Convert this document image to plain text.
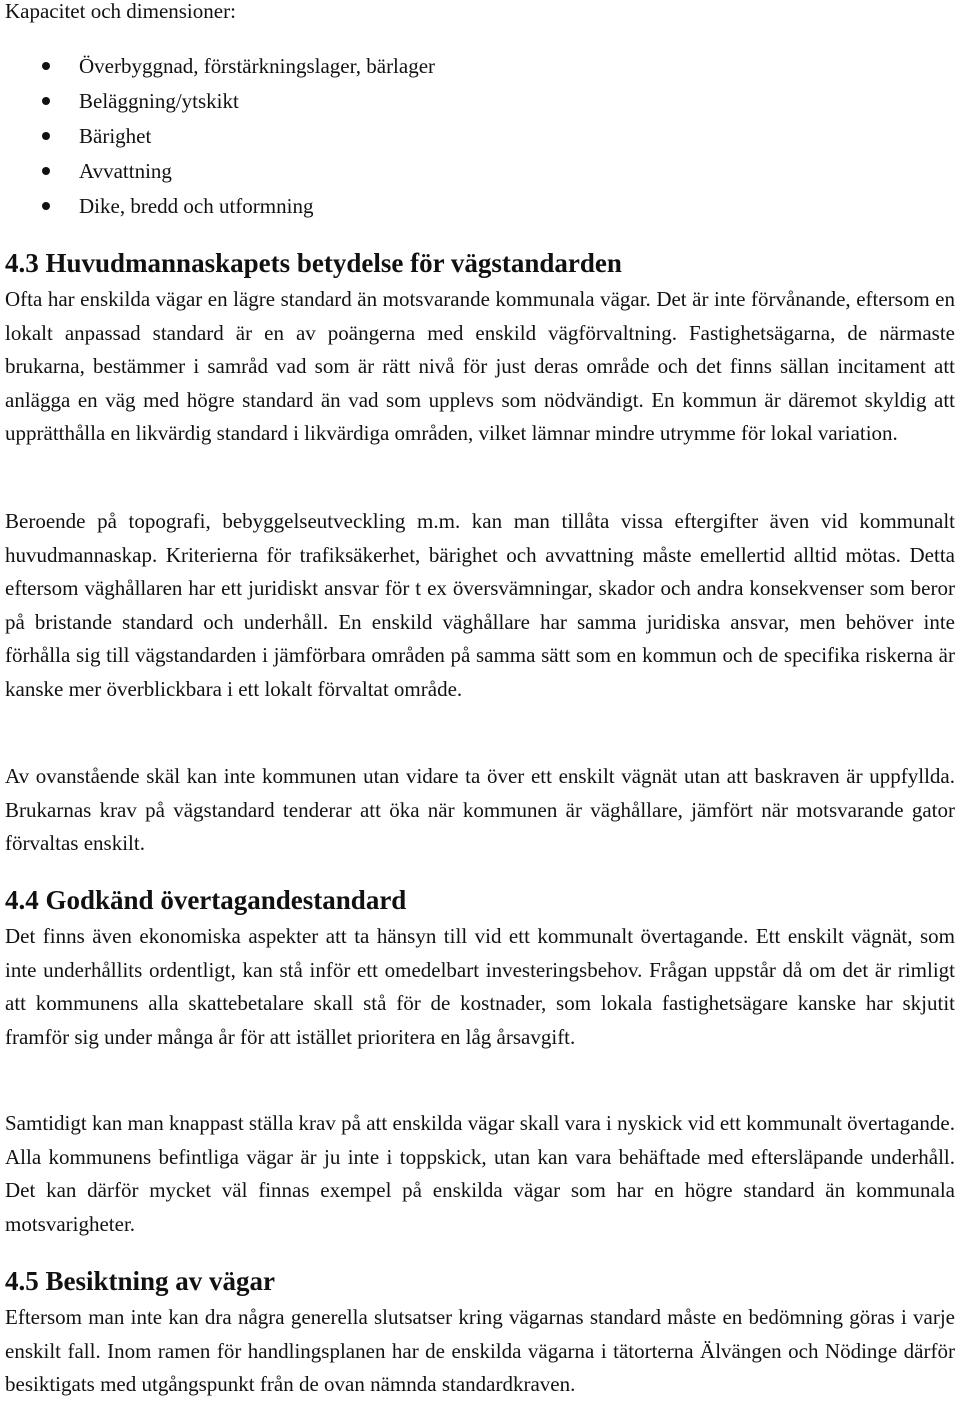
Kapacitet och dimensioner:

Överbyggnad, förstärkningslager, bärlager
Beläggning/ytskikt
Bärighet
Avvattning
Dike, bredd och utformning
4.3 Huvudmannaskapets betydelse för vägstandarden

Ofta har enskilda vägar en lägre standard än motsvarande kommunala vägar. Det är inte förvånande, eftersom en lokalt anpassad standard är en av poängerna med enskild vägförvaltning. Fastighetsägarna, de närmaste brukarna, bestämmer i samråd vad som är rätt nivå för just deras område och det finns sällan incitament att anlägga en väg med högre standard än vad som upplevs som nödvändigt. En kommun är däremot skyldig att upprätthålla en likvärdig standard i likvärdiga områden, vilket lämnar mindre utrymme för lokal variation.

Beroende på topografi, bebyggelseutveckling m.m. kan man tillåta vissa eftergifter även vid kommunalt huvudmannaskap. Kriterierna för trafiksäkerhet, bärighet och avvattning måste emellertid alltid mötas. Detta eftersom väghållaren har ett juridiskt ansvar för t ex översvämningar, skador och andra konsekvenser som beror på bristande standard och underhåll. En enskild väghållare har samma juridiska ansvar, men behöver inte förhålla sig till vägstandarden i jämförbara områden på samma sätt som en kommun och de specifika riskerna är kanske mer överblickbara i ett lokalt förvaltat område.

Av ovanstående skäl kan inte kommunen utan vidare ta över ett enskilt vägnät utan att baskraven är uppfyllda. Brukarnas krav på vägstandard tenderar att öka när kommunen är väghållare, jämfört när motsvarande gator förvaltas enskilt.

4.4 Godkänd övertagandestandard

Det finns även ekonomiska aspekter att ta hänsyn till vid ett kommunalt övertagande. Ett enskilt vägnät, som inte underhållits ordentligt, kan stå inför ett omedelbart investeringsbehov. Frågan uppstår då om det är rimligt att kommunens alla skattebetalare skall stå för de kostnader, som lokala fastighetsägare kanske har skjutit framför sig under många år för att istället prioritera en låg årsavgift.

Samtidigt kan man knappast ställa krav på att enskilda vägar skall vara i nyskick vid ett kommunalt övertagande. Alla kommunens befintliga vägar är ju inte i toppskick, utan kan vara behäftade med eftersläpande underhåll. Det kan därför mycket väl finnas exempel på enskilda vägar som har en högre standard än kommunala motsvarigheter.

4.5 Besiktning av vägar

Eftersom man inte kan dra några generella slutsatser kring vägarnas standard måste en bedömning göras i varje enskilt fall. Inom ramen för handlingsplanen har de enskilda vägarna i tätorterna Älvängen och Nödinge därför besiktigats med utgångspunkt från de ovan nämnda standardkraven.
